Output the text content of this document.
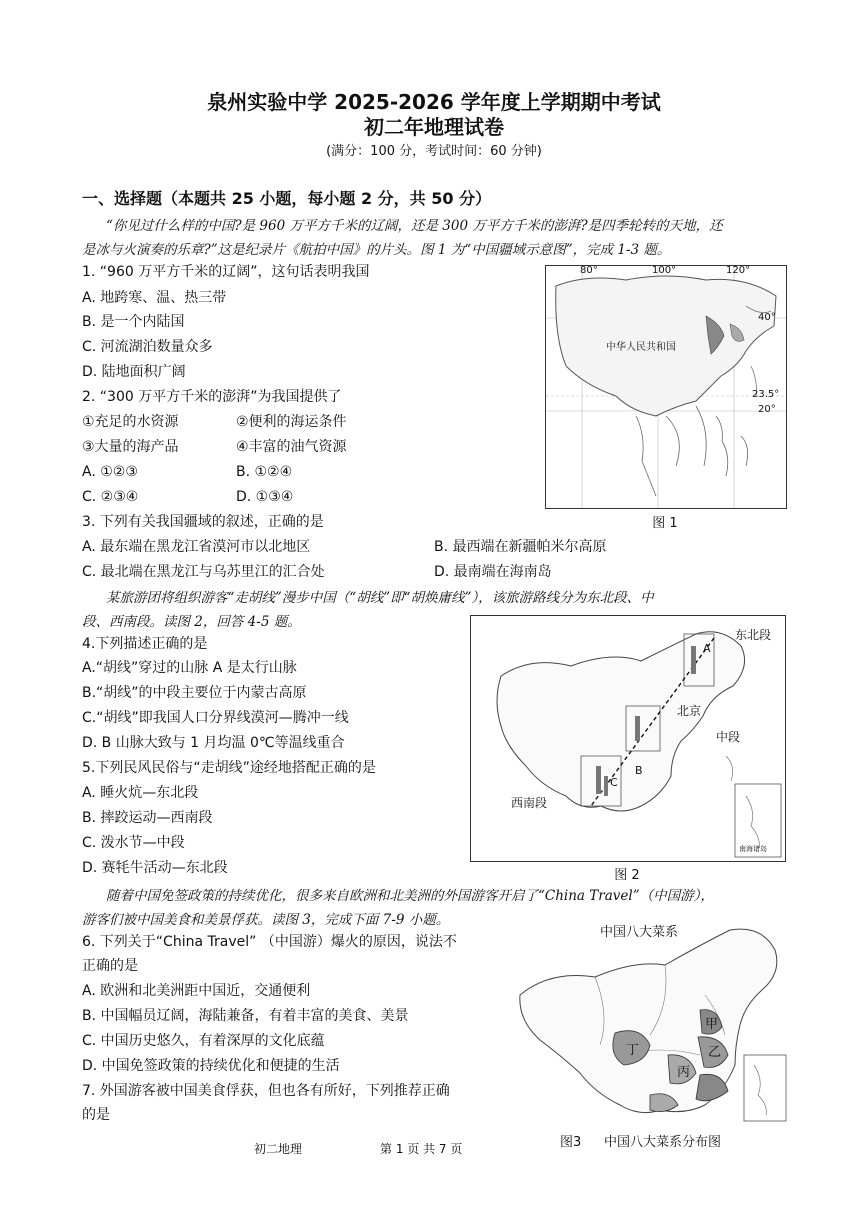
泉州实验中学 2025-2026 学年度上学期期中考试
初二年地理试卷
(满分：100 分，考试时间：60 分钟)
一、选择题（本题共 25 小题，每小题 2 分，共 50 分）
“你见过什么样的中国?是 960 万平方千米的辽阔，还是 300 万平方千米的澎湃?是四季轮转的天地，还
是冰与火演奏的乐章?”这是纪录片《航拍中国》的片头。图 1 为“中国疆域示意图”，完成 1-3 题。
1. “960 万平方千米的辽阔”，这句话表明我国
A. 地跨寒、温、热三带
B. 是一个内陆国
C. 河流湖泊数量众多
D. 陆地面积广阔
2. “300 万平方千米的澎湃”为我国提供了
①充足的水资源	②便利的海运条件
③大量的海产品	④丰富的油气资源
A. ①②③	B. ①②④
C. ②③④	D. ①③④
3. 下列有关我国疆域的叙述，正确的是
A. 最东端在黑龙江省漠河市以北地区	B. 最西端在新疆帕米尔高原
C. 最北端在黑龙江与乌苏里江的汇合处	D. 最南端在海南岛
某旅游团将组织游客“走胡线”漫步中国（“胡线”即“胡焕庸线”），该旅游路线分为东北段、中
段、西南段。读图 2，回答 4-5 题。
4.下列描述正确的是
A.“胡线”穿过的山脉 A 是太行山脉
B.“胡线”的中段主要位于内蒙古高原
C.“胡线”即我国人口分界线漠河—腾冲一线
D. B 山脉大致与 1 月均温 0℃等温线重合
5.下列民风民俗与“走胡线”途经地搭配正确的是
A. 睡火炕—东北段
B. 摔跤运动—西南段
C. 泼水节—中段
D. 赛牦牛活动—东北段
随着中国免签政策的持续优化，很多来自欧洲和北美洲的外国游客开启了“China Travel”（中国游），
游客们被中国美食和美景俘获。读图 3，完成下面 7-9 小题。
6. 下列关于“China Travel” （中国游）爆火的原因，说法不
正确的是
A. 欧洲和北美洲距中国近，交通便利
B. 中国幅员辽阔，海陆兼备，有着丰富的美食、美景
C. 中国历史悠久，有着深厚的文化底蕴
D. 中国免签政策的持续优化和便捷的生活
7. 外国游客被中国美食俘获，但也各有所好，下列推荐正确
的是
80°	100°	120°
40°
23.5°
20°
中华人民共和国
图 1
东北段
北京
中段
西南段
A
B
C
南海诸岛
图 2
中国八大菜系
甲
乙
丙
丁
图3 中国八大菜系分布图
初二地理	第 1 页 共 7 页
